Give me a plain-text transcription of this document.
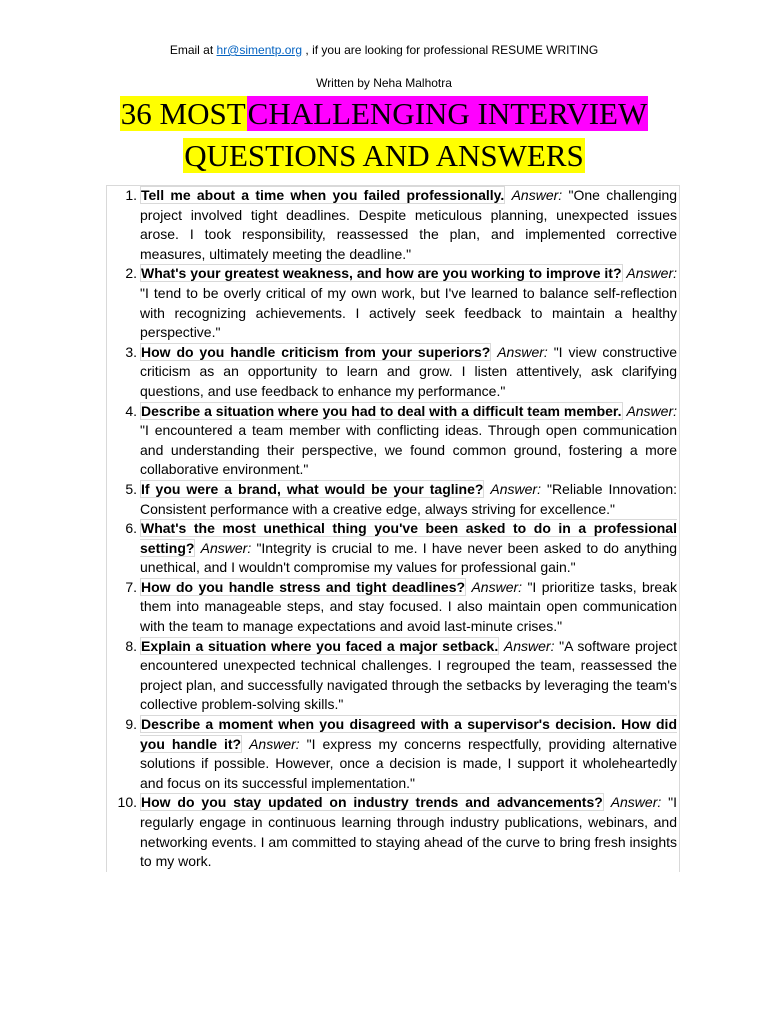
Email at hr@simentp.org , if you are looking for professional RESUME WRITING
Written by Neha Malhotra
36 MOSTCHALLENGING INTERVIEW
QUESTIONS AND ANSWERS
1. Tell me about a time when you failed professionally. Answer: "One challenging project involved tight deadlines. Despite meticulous planning, unexpected issues arose. I took responsibility, reassessed the plan, and implemented corrective measures, ultimately meeting the deadline."
2. What's your greatest weakness, and how are you working to improve it? Answer: "I tend to be overly critical of my own work, but I've learned to balance self-reflection with recognizing achievements. I actively seek feedback to maintain a healthy perspective."
3. How do you handle criticism from your superiors? Answer: "I view constructive criticism as an opportunity to learn and grow. I listen attentively, ask clarifying questions, and use feedback to enhance my performance."
4. Describe a situation where you had to deal with a difficult team member. Answer: "I encountered a team member with conflicting ideas. Through open communication and understanding their perspective, we found common ground, fostering a more collaborative environment."
5. If you were a brand, what would be your tagline? Answer: "Reliable Innovation: Consistent performance with a creative edge, always striving for excellence."
6. What's the most unethical thing you've been asked to do in a professional setting? Answer: "Integrity is crucial to me. I have never been asked to do anything unethical, and I wouldn't compromise my values for professional gain."
7. How do you handle stress and tight deadlines? Answer: "I prioritize tasks, break them into manageable steps, and stay focused. I also maintain open communication with the team to manage expectations and avoid last-minute crises."
8. Explain a situation where you faced a major setback. Answer: "A software project encountered unexpected technical challenges. I regrouped the team, reassessed the project plan, and successfully navigated through the setbacks by leveraging the team's collective problem-solving skills."
9. Describe a moment when you disagreed with a supervisor's decision. How did you handle it? Answer: "I express my concerns respectfully, providing alternative solutions if possible. However, once a decision is made, I support it wholeheartedly and focus on its successful implementation."
10. How do you stay updated on industry trends and advancements? Answer: "I regularly engage in continuous learning through industry publications, webinars, and networking events. I am committed to staying ahead of the curve to bring fresh insights to my work.
